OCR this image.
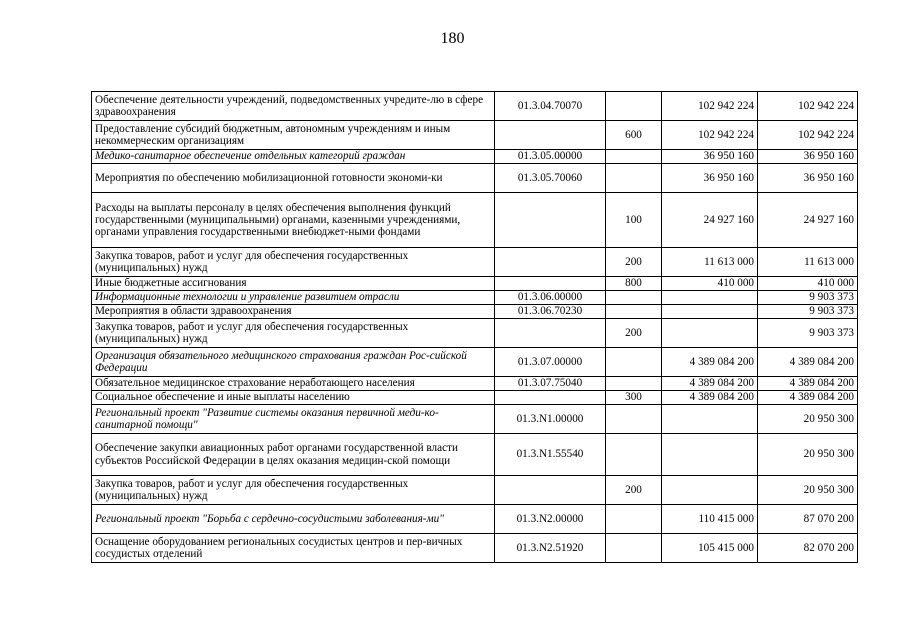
180
Обеспечение деятельности учреждений, подведомственных учредите-лю в сфере здравоохранения	01.3.04.70070		102 942 224	102 942 224
Предоставление субсидий бюджетным, автономным учреждениям и иным некоммерческим организациям		600	102 942 224	102 942 224
Медико-санитарное обеспечение отдельных категорий граждан	01.3.05.00000		36 950 160	36 950 160
Мероприятия по обеспечению мобилизационной готовности экономи-ки	01.3.05.70060		36 950 160	36 950 160
Расходы на выплаты персоналу в целях обеспечения выполнения функций государственными (муниципальными) органами, казенными учреждениями, органами управления государственными внебюджет-ными фондами		100	24 927 160	24 927 160
Закупка товаров, работ и услуг для обеспечения государственных (муниципальных) нужд		200	11 613 000	11 613 000
Иные бюджетные ассигнования		800	410 000	410 000
Информационные технологии и управление развитием отрасли	01.3.06.00000			9 903 373
Мероприятия в области здравоохранения	01.3.06.70230			9 903 373
Закупка товаров, работ и услуг для обеспечения государственных (муниципальных) нужд		200		9 903 373
Организация обязательного медицинского страхования граждан Рос-сийской Федерации	01.3.07.00000		4 389 084 200	4 389 084 200
Обязательное медицинское страхование неработающего населения	01.3.07.75040		4 389 084 200	4 389 084 200
Социальное обеспечение и иные выплаты населению		300	4 389 084 200	4 389 084 200
Региональный проект "Развитие системы оказания первичной меди-ко-санитарной помощи"	01.3.N1.00000			20 950 300
Обеспечение закупки авиационных работ органами государственной власти субъектов Российской Федерации в целях оказания медицин-ской помощи	01.3.N1.55540			20 950 300
Закупка товаров, работ и услуг для обеспечения государственных (муниципальных) нужд		200		20 950 300
Региональный проект "Борьба с сердечно-сосудистыми заболевания-ми"	01.3.N2.00000		110 415 000	87 070 200
Оснащение оборудованием региональных сосудистых центров и пер-вичных сосудистых отделений	01.3.N2.51920		105 415 000	82 070 200
